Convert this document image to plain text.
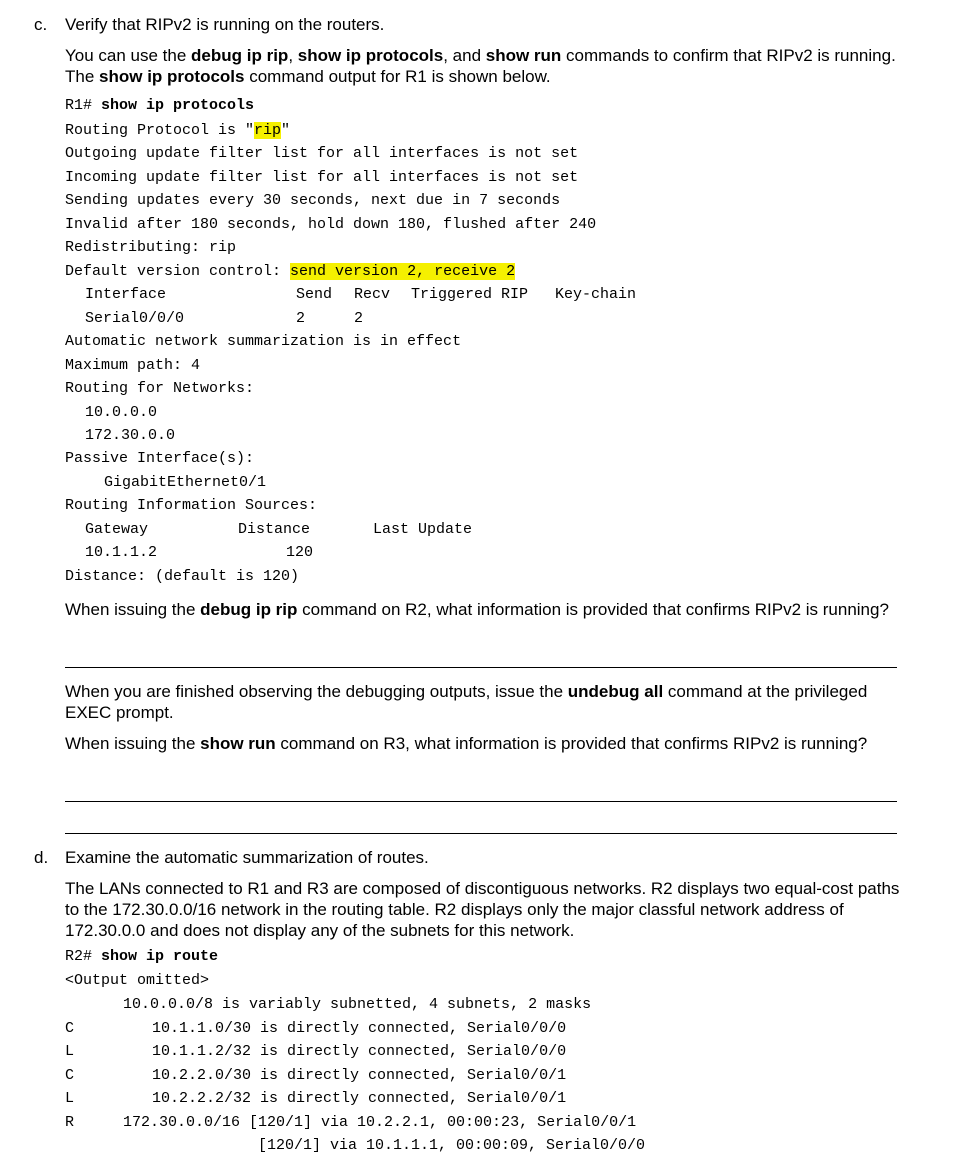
c. Verify that RIPv2 is running on the routers.
You can use the debug ip rip, show ip protocols, and show run commands to confirm that RIPv2 is running. The show ip protocols command output for R1 is shown below.
R1# show ip protocols
Routing Protocol is "rip"
Outgoing update filter list for all interfaces is not set
Incoming update filter list for all interfaces is not set
Sending updates every 30 seconds, next due in 7 seconds
Invalid after 180 seconds, hold down 180, flushed after 240
Redistributing: rip
Default version control: send version 2, receive 2
Interface	Send Recv Triggered RIP Key-chain
Serial0/0/0	2	2
Automatic network summarization is in effect
Maximum path: 4
Routing for Networks:
10.0.0.0
172.30.0.0
Passive Interface(s):
GigabitEthernet0/1
Routing Information Sources:
Gateway	Distance	Last Update
10.1.1.2	120
Distance: (default is 120)
When issuing the debug ip rip command on R2, what information is provided that confirms RIPv2 is running?
When you are finished observing the debugging outputs, issue the undebug all command at the privileged EXEC prompt.
When issuing the show run command on R3, what information is provided that confirms RIPv2 is running?
d. Examine the automatic summarization of routes.
The LANs connected to R1 and R3 are composed of discontiguous networks. R2 displays two equal-cost paths to the 172.30.0.0/16 network in the routing table. R2 displays only the major classful network address of 172.30.0.0 and does not display any of the subnets for this network.
R2# show ip route
<Output omitted>
10.0.0.0/8 is variably subnetted, 4 subnets, 2 masks
C	10.1.1.0/30 is directly connected, Serial0/0/0
L	10.1.1.2/32 is directly connected, Serial0/0/0
C	10.2.2.0/30 is directly connected, Serial0/0/1
L	10.2.2.2/32 is directly connected, Serial0/0/1
R	172.30.0.0/16 [120/1] via 10.2.2.1, 00:00:23, Serial0/0/1
[120/1] via 10.1.1.1, 00:00:09, Serial0/0/0
